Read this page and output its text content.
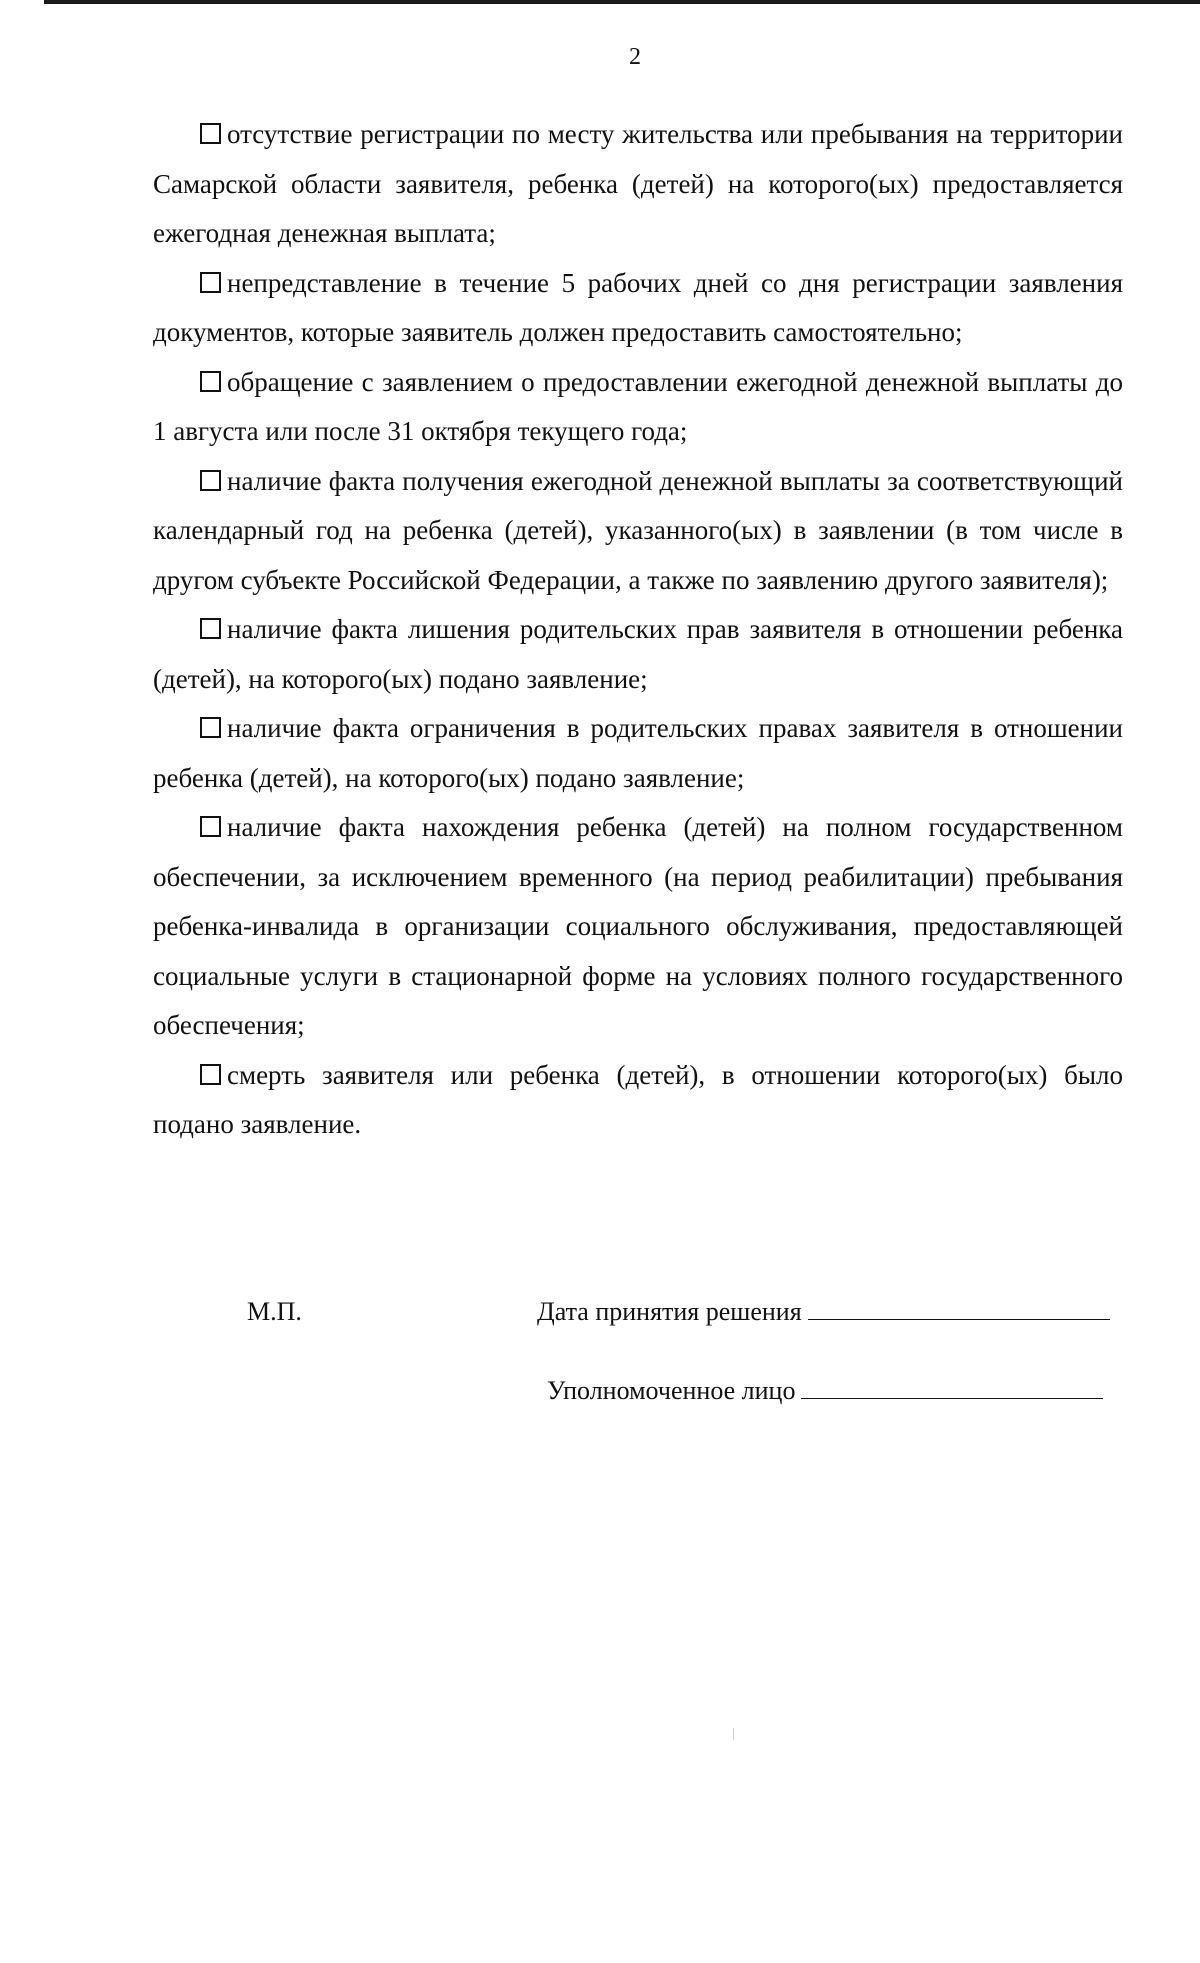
2

отсутствие регистрации по месту жительства или пребывания на территории Самарской области заявителя, ребенка (детей) на которого(ых) предоставляется ежегодная денежная выплата;

непредставление в течение 5 рабочих дней со дня регистрации заявления документов, которые заявитель должен предоставить самостоятельно;

обращение с заявлением о предоставлении ежегодной денежной выплаты до 1 августа или после 31 октября текущего года;

наличие факта получения ежегодной денежной выплаты за соответствующий календарный год на ребенка (детей), указанного(ых) в заявлении (в том числе в другом субъекте Российской Федерации, а также по заявлению другого заявителя);

наличие факта лишения родительских прав заявителя в отношении ребенка (детей), на которого(ых) подано заявление;

наличие факта ограничения в родительских правах заявителя в отношении ребенка (детей), на которого(ых) подано заявление;

наличие факта нахождения ребенка (детей) на полном государственном обеспечении, за исключением временного (на период реабилитации) пребывания ребенка-инвалида в организации социального обслуживания, предоставляющей социальные услуги в стационарной форме на условиях полного государственного обеспечения;

смерть заявителя или ребенка (детей), в отношении которого(ых) было подано заявление.

М.П.	Дата принятия решения
Уполномоченное лицо
